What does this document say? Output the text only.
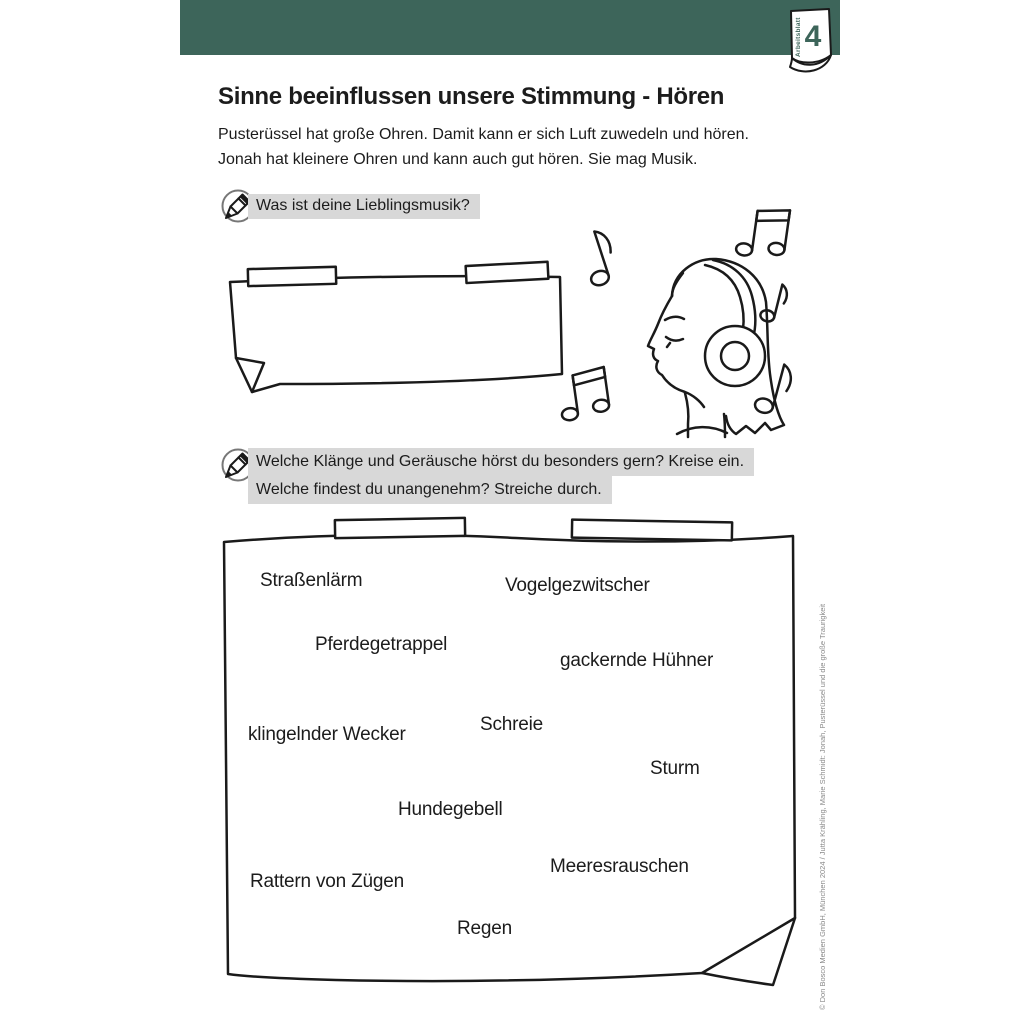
4
Arbeitsblatt
Sinne beeinflussen unsere Stimmung - Hören
Pusterüssel hat große Ohren. Damit kann er sich Luft zuwedeln und hören.
Jonah hat kleinere Ohren und kann auch gut hören. Sie mag Musik.
Was ist deine Lieblingsmusik?
Welche Klänge und Geräusche hörst du besonders gern? Kreise ein.
Welche findest du unangenehm? Streiche durch.
Straßenlärm	Vogelgezwitscher
Pferdegetrappel
gackernde Hühner
klingelnder Wecker	Schreie
Sturm
Hundegebell
Meeresrauschen
Rattern von Zügen
Regen	© Don Bosco Medien GmbH, München 2024 / Jutta Krähling, Marie Schmidt: Jonah, Pusterüssel und die große Traurigkeit
